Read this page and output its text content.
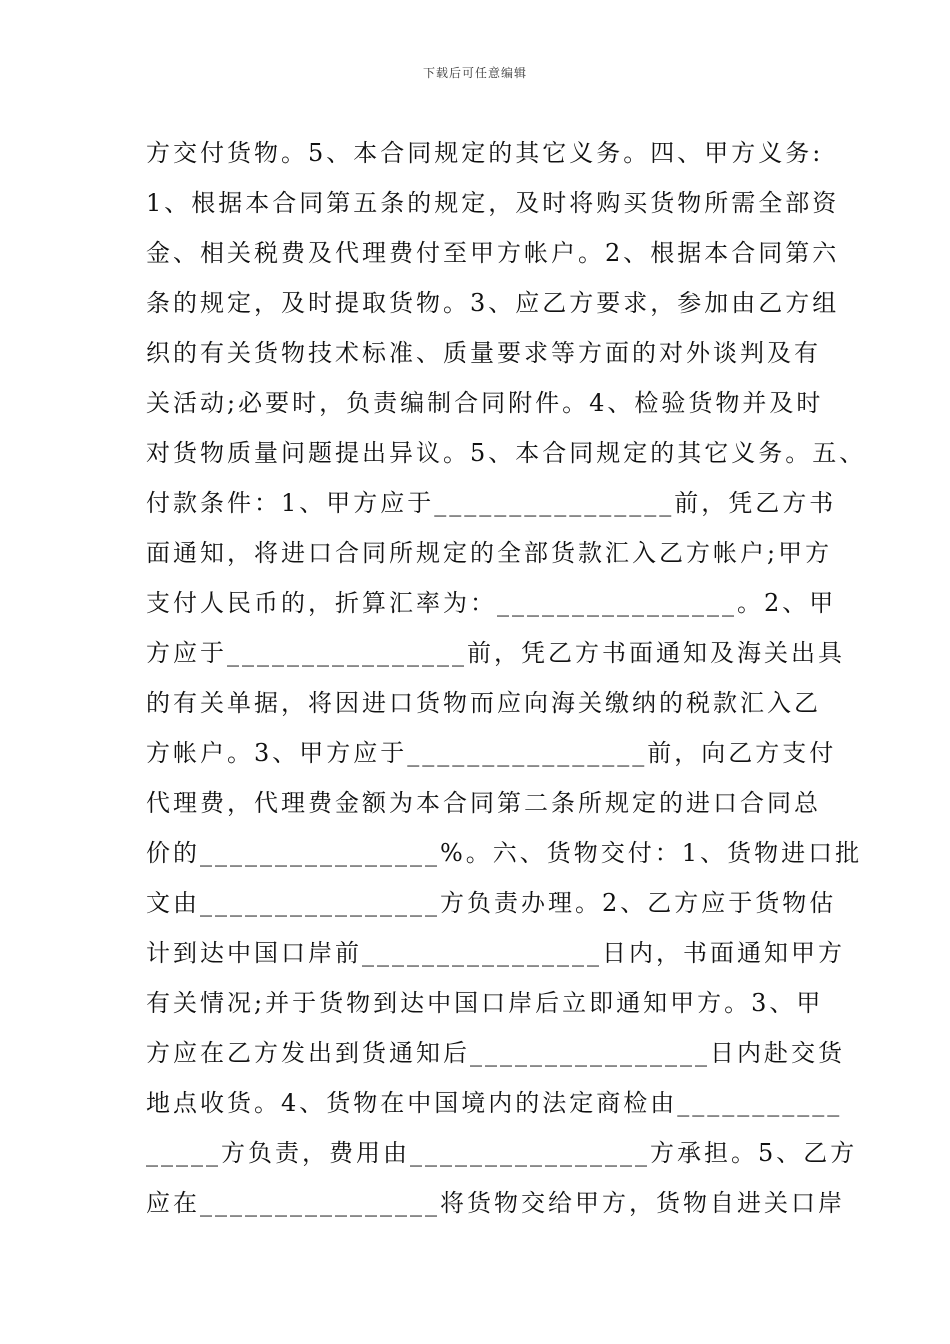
下载后可任意编辑
方交付货物。5、本合同规定的其它义务。四、甲方义务:
1、根据本合同第五条的规定，及时将购买货物所需全部资
金、相关税费及代理费付至甲方帐户。2、根据本合同第六
条的规定，及时提取货物。3、应乙方要求，参加由乙方组
织的有关货物技术标准、质量要求等方面的对外谈判及有
关活动;必要时，负责编制合同附件。4、检验货物并及时
对货物质量问题提出异议。5、本合同规定的其它义务。五、
付款条件：1、甲方应于________________前，凭乙方书
面通知，将进口合同所规定的全部货款汇入乙方帐户;甲方
支付人民币的，折算汇率为：________________。2、甲
方应于________________前，凭乙方书面通知及海关出具
的有关单据，将因进口货物而应向海关缴纳的税款汇入乙
方帐户。3、甲方应于________________前，向乙方支付
代理费，代理费金额为本合同第二条所规定的进口合同总
价的________________%。六、货物交付：1、货物进口批
文由________________方负责办理。2、乙方应于货物估
计到达中国口岸前________________日内，书面通知甲方
有关情况;并于货物到达中国口岸后立即通知甲方。3、甲
方应在乙方发出到货通知后________________日内赴交货
地点收货。4、货物在中国境内的法定商检由___________
_____方负责，费用由________________方承担。5、乙方
应在________________将货物交给甲方，货物自进关口岸
